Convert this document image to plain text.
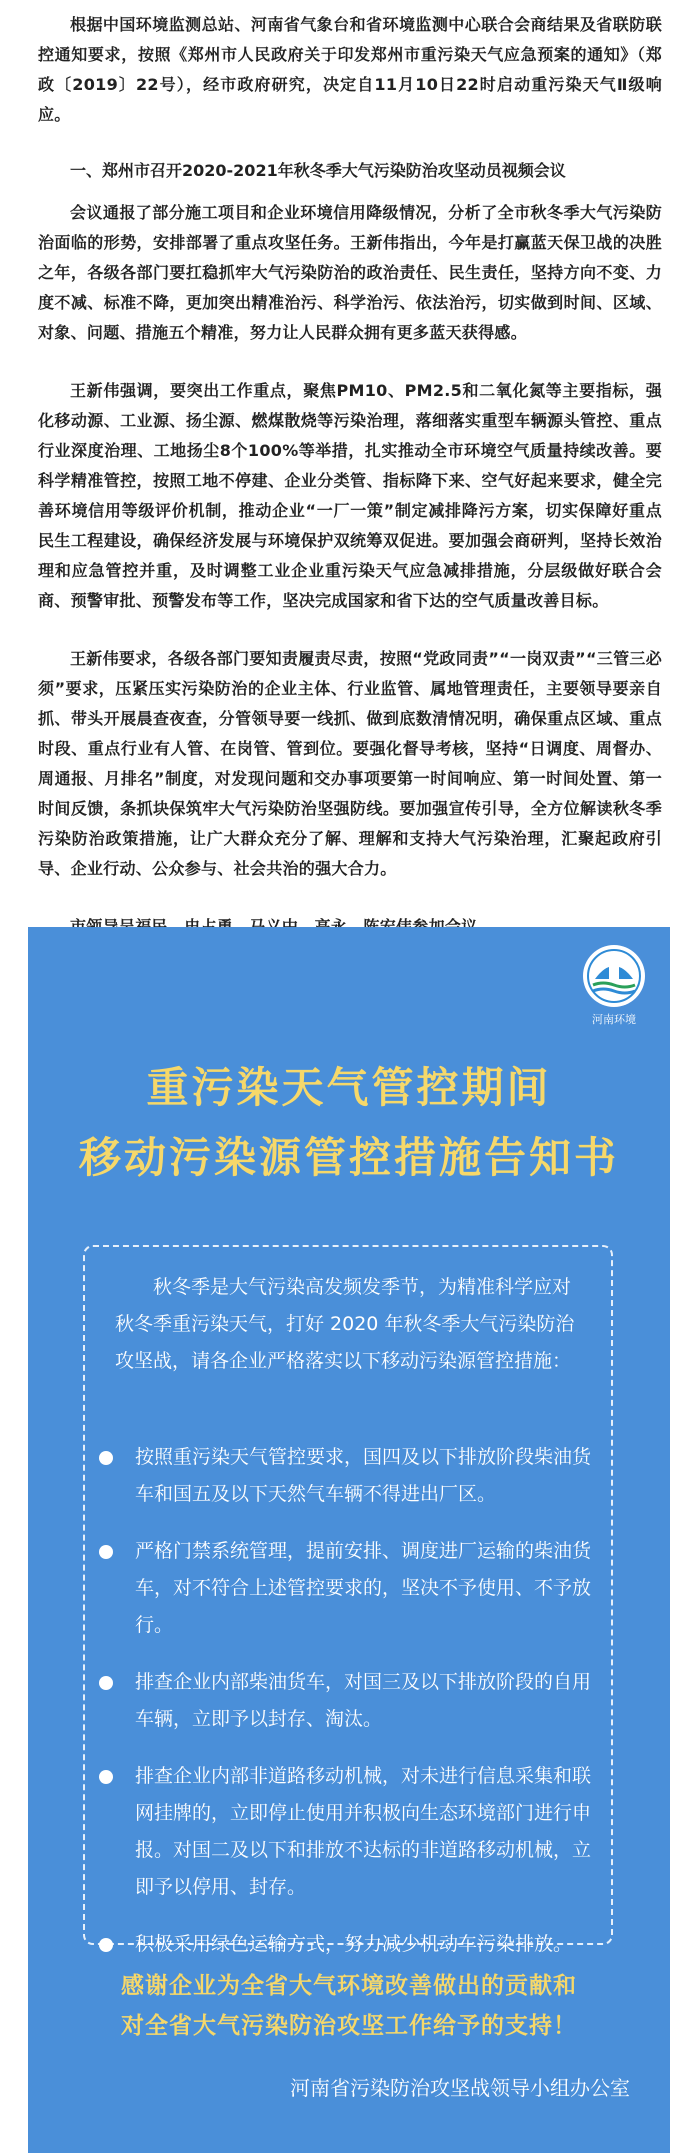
根据中国环境监测总站、河南省气象台和省环境监测中心联合会商结果及省联防联控通知要求，按照《郑州市人民政府关于印发郑州市重污染天气应急预案的通知》（郑政〔2019〕22号），经市政府研究，决定自11月10日22时启动重污染天气Ⅱ级响应。

一、郑州市召开2020-2021年秋冬季大气污染防治攻坚动员视频会议

会议通报了部分施工项目和企业环境信用降级情况，分析了全市秋冬季大气污染防治面临的形势，安排部署了重点攻坚任务。王新伟指出，今年是打赢蓝天保卫战的决胜之年，各级各部门要扛稳抓牢大气污染防治的政治责任、民生责任，坚持方向不变、力度不减、标准不降，更加突出精准治污、科学治污、依法治污，切实做到时间、区域、对象、问题、措施五个精准，努力让人民群众拥有更多蓝天获得感。

王新伟强调，要突出工作重点，聚焦PM10、PM2.5和二氧化氮等主要指标，强化移动源、工业源、扬尘源、燃煤散烧等污染治理，落细落实重型车辆源头管控、重点行业深度治理、工地扬尘8个100%等举措，扎实推动全市环境空气质量持续改善。要科学精准管控，按照工地不停建、企业分类管、指标降下来、空气好起来要求，健全完善环境信用等级评价机制，推动企业“一厂一策”制定减排降污方案，切实保障好重点民生工程建设，确保经济发展与环境保护双统筹双促进。要加强会商研判，坚持长效治理和应急管控并重，及时调整工业企业重污染天气应急减排措施，分层级做好联合会商、预警审批、预警发布等工作，坚决完成国家和省下达的空气质量改善目标。

王新伟要求，各级各部门要知责履责尽责，按照“党政同责”“一岗双责”“三管三必须”要求，压紧压实污染防治的企业主体、行业监管、属地管理责任，主要领导要亲自抓、带头开展晨查夜查，分管领导要一线抓、做到底数清情况明，确保重点区域、重点时段、重点行业有人管、在岗管、管到位。要强化督导考核，坚持“日调度、周督办、周通报、月排名”制度，对发现问题和交办事项要第一时间响应、第一时间处置、第一时间反馈，条抓块保筑牢大气污染防治坚强防线。要加强宣传引导，全方位解读秋冬季污染防治政策措施，让广大群众充分了解、理解和支持大气污染治理，汇聚起政府引导、企业行动、公众参与、社会共治的强大合力。

河南环境
重污染天气管控期间
移动污染源管控措施告知书
秋冬季是大气污染高发频发季节，为精准科学应对秋冬季重污染天气，打好 2020 年秋冬季大气污染防治攻坚战，请各企业严格落实以下移动污染源管控措施：
按照重污染天气管控要求，国四及以下排放阶段柴油货车和国五及以下天然气车辆不得进出厂区。
严格门禁系统管理，提前安排、调度进厂运输的柴油货车，对不符合上述管控要求的，坚决不予使用、不予放行。
排查企业内部柴油货车，对国三及以下排放阶段的自用车辆，立即予以封存、淘汰。
排查企业内部非道路移动机械，对未进行信息采集和联网挂牌的，立即停止使用并积极向生态环境部门进行申报。对国二及以下和排放不达标的非道路移动机械，立即予以停用、封存。
积极采用绿色运输方式，努力减少机动车污染排放。
感谢企业为全省大气环境改善做出的贡献和
对全省大气污染防治攻坚工作给予的支持！
河南省污染防治攻坚战领导小组办公室
